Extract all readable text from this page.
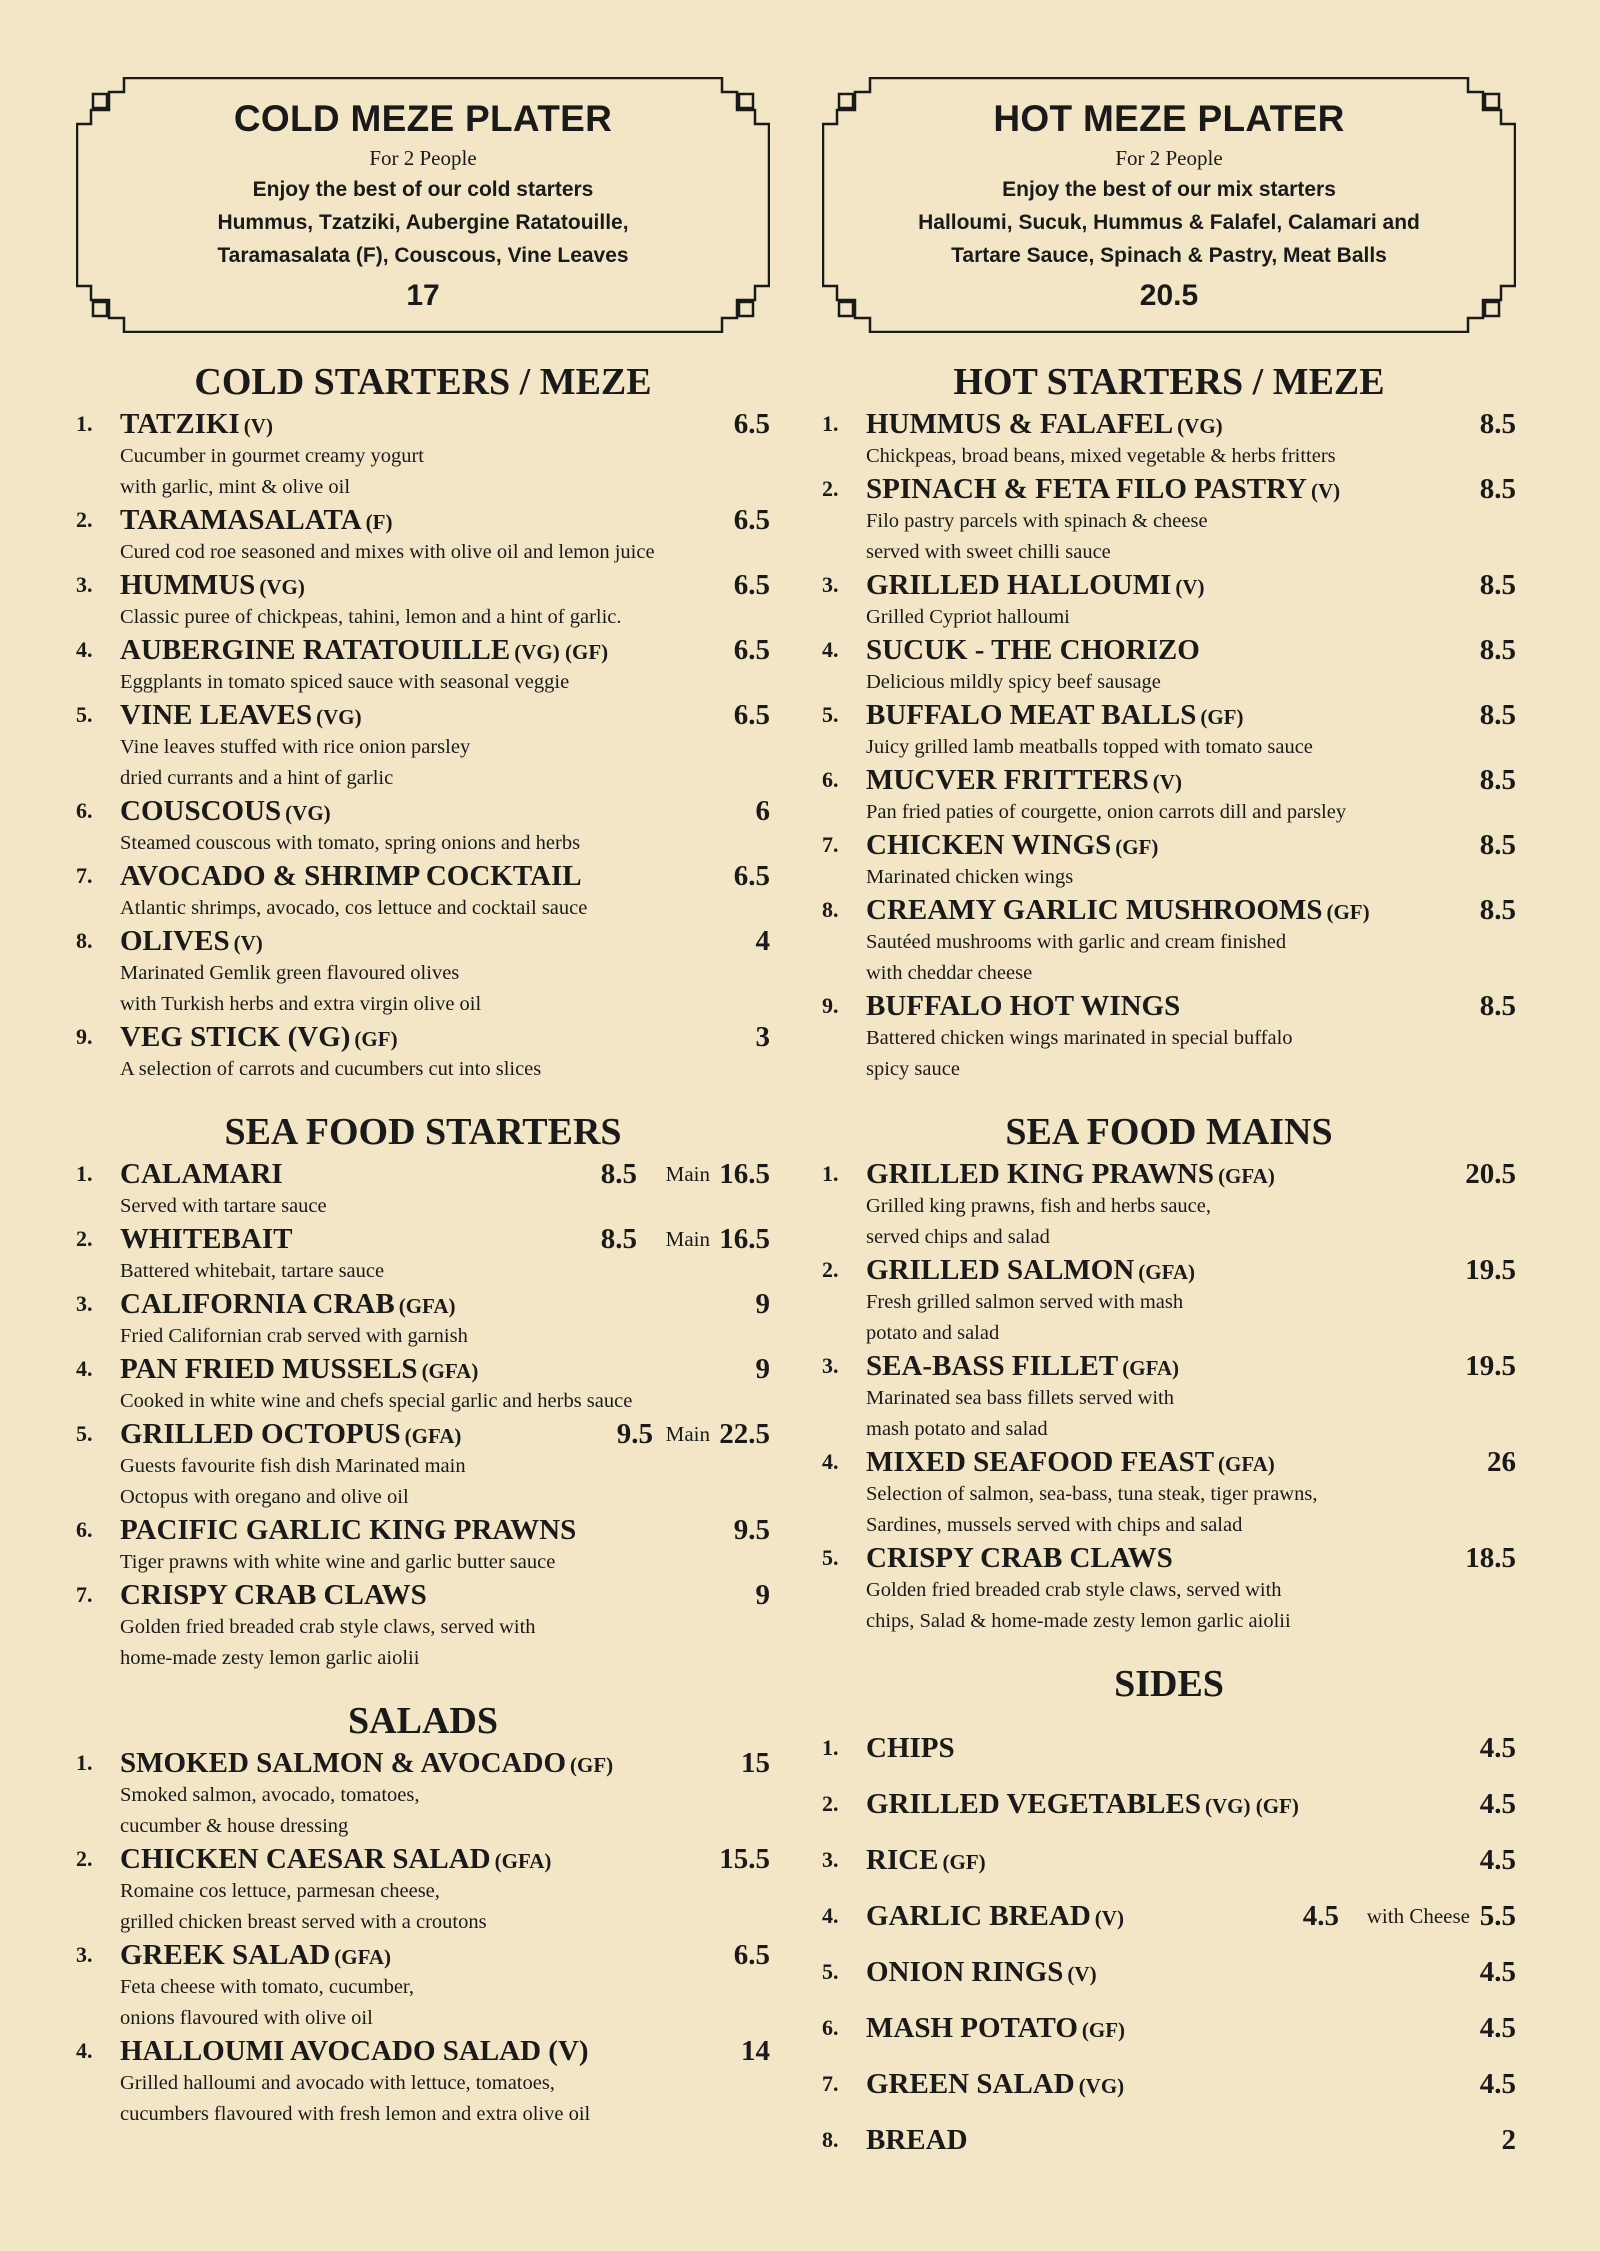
COLD MEZE PLATER
For 2 People
Enjoy the best of our cold starters
Hummus, Tzatziki, Aubergine Ratatouille,
Taramasalata (F), Couscous, Vine Leaves
17
COLD STARTERS / MEZE
1. TATZIKI (V)	6.5
Cucumber in gourmet creamy yogurt
with garlic, mint & olive oil
2. TARAMASALATA (F)	6.5
Cured cod roe seasoned and mixes with olive oil and lemon juice
3. HUMMUS (VG)	6.5
Classic puree of chickpeas, tahini, lemon and a hint of garlic.
4. AUBERGINE RATATOUILLE (VG) (GF)	6.5
Eggplants in tomato spiced sauce with seasonal veggie
5. VINE LEAVES (VG)	6.5
Vine leaves stuffed with rice onion parsley
dried currants and a hint of garlic
6. COUSCOUS (VG)	6
Steamed couscous with tomato, spring onions and herbs
7. AVOCADO & SHRIMP COCKTAIL	6.5
Atlantic shrimps, avocado, cos lettuce and cocktail sauce
8. OLIVES (V)	4
Marinated Gemlik green flavoured olives
with Turkish herbs and extra virgin olive oil
9. VEG STICK (VG) (GF)	3
A selection of carrots and cucumbers cut into slices
SEA FOOD STARTERS
1. CALAMARI	8.5 Main 16.5
Served with tartare sauce
2. WHITEBAIT	8.5 Main 16.5
Battered whitebait, tartare sauce
3. CALIFORNIA CRAB (GFA)	9
Fried Californian crab served with garnish
4. PAN FRIED MUSSELS (GFA)	9
Cooked in white wine and chefs special garlic and herbs sauce
5. GRILLED OCTOPUS (GFA)	9.5 Main 22.5
Guests favourite fish dish Marinated main
Octopus with oregano and olive oil
6. PACIFIC GARLIC KING PRAWNS	9.5
Tiger prawns with white wine and garlic butter sauce
7. CRISPY CRAB CLAWS	9
Golden fried breaded crab style claws, served with
home-made zesty lemon garlic aiolii
SALADS
1. SMOKED SALMON & AVOCADO (GF)	15
Smoked salmon, avocado, tomatoes,
cucumber & house dressing
2. CHICKEN CAESAR SALAD (GFA)	15.5
Romaine cos lettuce, parmesan cheese,
grilled chicken breast served with a croutons
3. GREEK SALAD (GFA)	6.5
Feta cheese with tomato, cucumber,
onions flavoured with olive oil
4. HALLOUMI AVOCADO SALAD (V)	14
Grilled halloumi and avocado with lettuce, tomatoes,
cucumbers flavoured with fresh lemon and extra olive oil
HOT MEZE PLATER
For 2 People
Enjoy the best of our mix starters
Halloumi, Sucuk, Hummus & Falafel, Calamari and
Tartare Sauce, Spinach & Pastry, Meat Balls
20.5
HOT STARTERS / MEZE
1. HUMMUS & FALAFEL (VG)	8.5
Chickpeas, broad beans, mixed vegetable & herbs fritters
2. SPINACH & FETA FILO PASTRY (V)	8.5
Filo pastry parcels with spinach & cheese
served with sweet chilli sauce
3. GRILLED HALLOUMI (V)	8.5
Grilled Cypriot halloumi
4. SUCUK - THE CHORIZO	8.5
Delicious mildly spicy beef sausage
5. BUFFALO MEAT BALLS (GF)	8.5
Juicy grilled lamb meatballs topped with tomato sauce
6. MUCVER FRITTERS (V)	8.5
Pan fried paties of courgette, onion carrots dill and parsley
7. CHICKEN WINGS (GF)	8.5
Marinated chicken wings
8. CREAMY GARLIC MUSHROOMS (GF)	8.5
Sautéed mushrooms with garlic and cream finished
with cheddar cheese
9. BUFFALO HOT WINGS	8.5
Battered chicken wings marinated in special buffalo
spicy sauce
SEA FOOD MAINS
1. GRILLED KING PRAWNS (GFA)	20.5
Grilled king prawns, fish and herbs sauce,
served chips and salad
2. GRILLED SALMON (GFA)	19.5
Fresh grilled salmon served with mash
potato and salad
3. SEA-BASS FILLET (GFA)	19.5
Marinated sea bass fillets served with
mash potato and salad
4. MIXED SEAFOOD FEAST (GFA)	26
Selection of salmon, sea-bass, tuna steak, tiger prawns,
Sardines, mussels served with chips and salad
5. CRISPY CRAB CLAWS	18.5
Golden fried breaded crab style claws, served with
chips, Salad & home-made zesty lemon garlic aiolii
SIDES
1. CHIPS	4.5
2. GRILLED VEGETABLES (VG) (GF)	4.5
3. RICE (GF)	4.5
4. GARLIC BREAD (V)	4.5 with Cheese 5.5
5. ONION RINGS (V)	4.5
6. MASH POTATO (GF)	4.5
7. GREEN SALAD (VG)	4.5
8. BREAD	2
